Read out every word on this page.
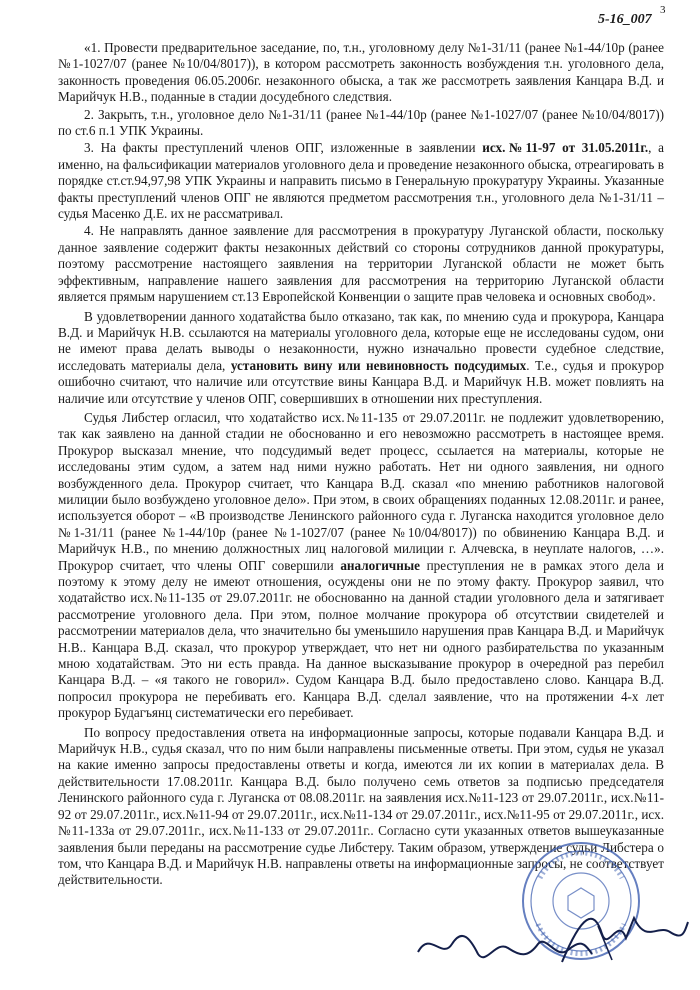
3
5-16_007

«1. Провести предварительное заседание, по, т.н., уголовному делу №1-31/11 (ранее №1-44/10р (ранее №1-1027/07 (ранее №10/04/8017)), в котором рассмотреть законность возбуждения т.н. уголовного дела, законность проведения 06.05.2006г. незаконного обыска, а так же рассмотреть заявления Канцара В.Д. и Марийчук Н.В., поданные в стадии досудебного следствия.

2. Закрыть, т.н., уголовное дело №1-31/11 (ранее №1-44/10р (ранее №1-1027/07 (ранее №10/04/8017)) по ст.6 п.1 УПК Украины.

3. На факты преступлений членов ОПГ, изложенные в заявлении исх.№11-97 от 31.05.2011г., а именно, на фальсификации материалов уголовного дела и проведение незаконного обыска, отреагировать в порядке ст.ст.94,97,98 УПК Украины и направить письмо в Генеральную прокуратуру Украины. Указанные факты преступлений членов ОПГ не являются предметом рассмотрения т.н., уголовного дела №1-31/11 – судья Масенко Д.Е. их не рассматривал.

4. Не направлять данное заявление для рассмотрения в прокуратуру Луганской области, поскольку данное заявление содержит факты незаконных действий со стороны сотрудников данной прокуратуры, поэтому рассмотрение настоящего заявления на территории Луганской области не может быть эффективным, направление нашего заявления для рассмотрения на территорию Луганской области является прямым нарушением ст.13 Европейской Конвенции о защите прав человека и основных свобод».

В удовлетворении данного ходатайства было отказано, так как, по мнению суда и прокурора, Канцара В.Д. и Марийчук Н.В. ссылаются на материалы уголовного дела, которые еще не исследованы судом, они не имеют права делать выводы о незаконности, нужно изначально провести судебное следствие, исследовать материалы дела, установить вину или невиновность подсудимых. Т.е., судья и прокурор ошибочно считают, что наличие или отсутствие вины Канцара В.Д. и Марийчук Н.В. может повлиять на наличие или отсутствие у членов ОПГ, совершивших в отношении них преступления.

Судья Либстер огласил, что ходатайство исх.№11-135 от 29.07.2011г. не подлежит удовлетворению, так как заявлено на данной стадии не обоснованно и его невозможно рассмотреть в настоящее время. Прокурор высказал мнение, что подсудимый ведет процесс, ссылается на материалы, которые не исследованы этим судом, а затем над ними нужно работать. Нет ни одного заявления, ни одного возбужденного дела. Прокурор считает, что Канцара В.Д. сказал «по мнению работников налоговой милиции было возбуждено уголовное дело». При этом, в своих обращениях поданных 12.08.2011г. и ранее, используется оборот – «В производстве Ленинского районного суда г. Луганска находится уголовное дело №1-31/11 (ранее №1-44/10р (ранее №1-1027/07 (ранее №10/04/8017)) по обвинению Канцара В.Д. и Марийчук Н.В., по мнению должностных лиц налоговой милиции г. Алчевска, в неуплате налогов, …». Прокурор считает, что члены ОПГ совершили аналогичные преступления не в рамках этого дела и поэтому к этому делу не имеют отношения, осуждены они не по этому факту. Прокурор заявил, что ходатайство исх.№11-135 от 29.07.2011г. не обоснованно на данной стадии уголовного дела и затягивает рассмотрение уголовного дела. При этом, полное молчание прокурора об отсутствии свидетелей и рассмотрении материалов дела, что значительно бы уменьшило нарушения прав Канцара В.Д. и Марийчук Н.В.. Канцара В.Д. сказал, что прокурор утверждает, что нет ни одного разбирательства по указанным мною ходатайствам. Это ни есть правда. На данное высказывание прокурор в очередной раз перебил Канцара В.Д. – «я такого не говорил». Судом Канцара В.Д. было предоставлено слово. Канцара В.Д. попросил прокурора не перебивать его. Канцара В.Д. сделал заявление, что на протяжении 4-х лет прокурор Будагъянц систематически его перебивает.

По вопросу предоставления ответа на информационные запросы, которые подавали Канцара В.Д. и Марийчук Н.В., судья сказал, что по ним были направлены письменные ответы. При этом, судья не указал на какие именно запросы предоставлены ответы и когда, имеются ли их копии в материалах дела. В действительности 17.08.2011г. Канцара В.Д. было получено семь ответов за подписью председателя Ленинского районного суда г. Луганска от 08.08.2011г. на заявления исх.№11-123 от 29.07.2011г., исх.№11-92 от 29.07.2011г., исх.№11-94 от 29.07.2011г., исх.№11-134 от 29.07.2011г., исх.№11-95 от 29.07.2011г., исх.№11-133а от 29.07.2011г., исх.№11-133 от 29.07.2011г.. Согласно сути указанных ответов вышеуказанные заявления были переданы на рассмотрение судье Либстеру. Таким образом, утверждение судьи Либстера о том, что Канцара В.Д. и Марийчук Н.В. направлены ответы на информационные запросы, не соответствует действительности.
